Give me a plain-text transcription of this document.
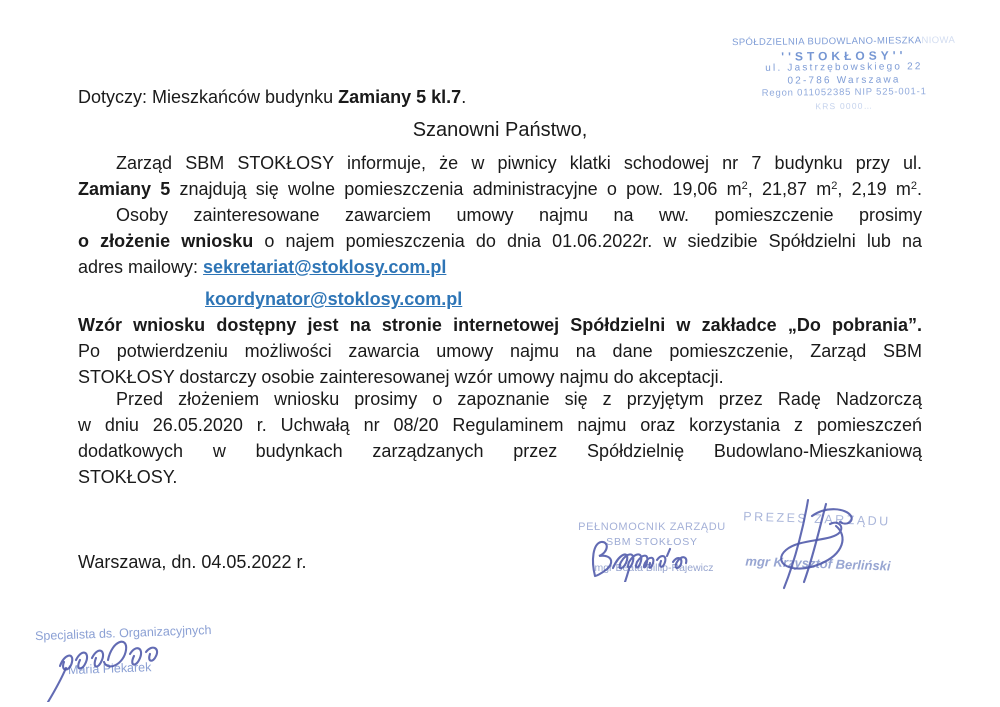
SPÓŁDZIELNIA BUDOWLANO-MIESZKANIOWA
''STOKŁOSY''
ul. Jastrzębowskiego 22
02-786 Warszawa
Regon 011052385 NIP 525-001-1
KRS 0000…
Dotyczy: Mieszkańców budynku Zamiany 5 kl.7.
Szanowni Państwo,
Zarząd SBM STOKŁOSY informuje, że w piwnicy klatki schodowej nr 7 budynku przy ul.
Zamiany 5 znajdują się wolne pomieszczenia administracyjne o pow. 19,06 $m^2$, 21,87 $m^2$, 2,19 $m^2$.
Osoby zainteresowane zawarciem umowy najmu na ww. pomieszczenie prosimy
o złożenie wniosku o najem pomieszczenia do dnia 01.06.2022r. w siedzibie Spółdzielni lub na
adres mailowy: sekretariat@stoklosy.com.pl
koordynator@stoklosy.com.pl
Wzór wniosku dostępny jest na stronie internetowej Spółdzielni w zakładce „Do pobrania”.
Po potwierdzeniu możliwości zawarcia umowy najmu na dane pomieszczenie, Zarząd SBM
STOKŁOSY dostarczy osobie zainteresowanej wzór umowy najmu do akceptacji.
Przed złożeniem wniosku prosimy o zapoznanie się z przyjętym przez Radę Nadzorczą
w dniu 26.05.2020 r. Uchwałą nr 08/20 Regulaminem najmu oraz korzystania z pomieszczeń
dodatkowych w budynkach zarządzanych przez Spółdzielnię Budowlano-Mieszkaniową
STOKŁOSY.
Warszawa, dn. 04.05.2022 r.
PEŁNOMOCNIK ZARZĄDU
SBM STOKŁOSY
mgr Beata Billip-Rajewicz
PREZES ZARZĄDU
mgr Krzysztof Berliński
Specjalista ds. Organizacyjnych
Maria Piekarek
